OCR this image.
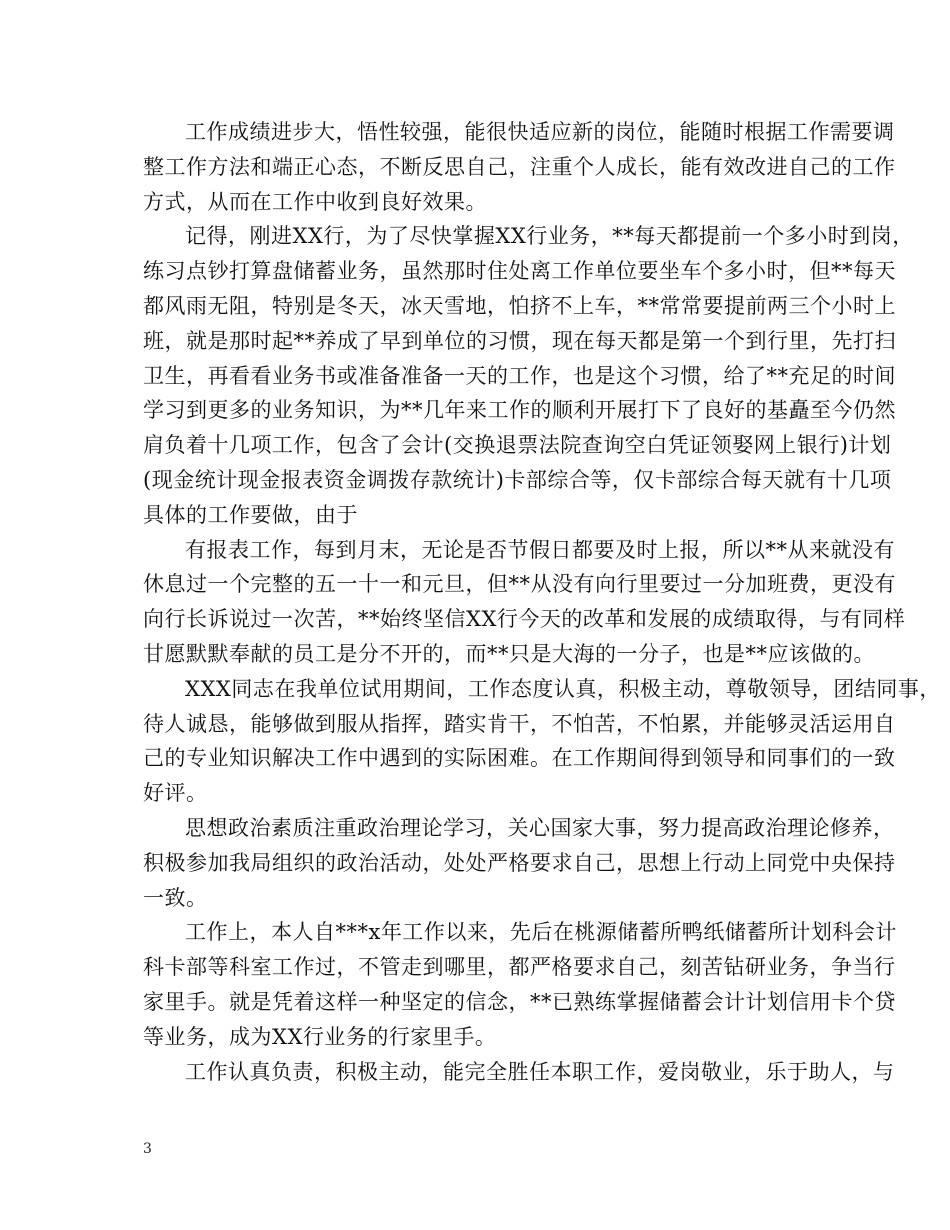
工作成绩进步大，悟性较强，能很快适应新的岗位，能随时根据工作需要调
整工作方法和端正心态，不断反思自己，注重个人成长，能有效改进自己的工作
方式，从而在工作中收到良好效果。

记得，刚进XX行，为了尽快掌握XX行业务，**每天都提前一个多小时到岗，
练习点钞打算盘储蓄业务，虽然那时住处离工作单位要坐车个多小时，但**每天
都风雨无阻，特别是冬天，冰天雪地，怕挤不上车，**常常要提前两三个小时上
班，就是那时起**养成了早到单位的习惯，现在每天都是第一个到行里，先打扫
卫生，再看看业务书或准备准备一天的工作，也是这个习惯，给了**充足的时间
学习到更多的业务知识，为**几年来工作的顺利开展打下了良好的基矗至今仍然
肩负着十几项工作，包含了会计(交换退票法院查询空白凭证领娶网上银行)计划
(现金统计现金报表资金调拨存款统计)卡部综合等，仅卡部综合每天就有十几项
具体的工作要做，由于

有报表工作，每到月末，无论是否节假日都要及时上报，所以**从来就没有
休息过一个完整的五一十一和元旦，但**从没有向行里要过一分加班费，更没有
向行长诉说过一次苦，**始终坚信XX行今天的改革和发展的成绩取得，与有同样
甘愿默默奉献的员工是分不开的，而**只是大海的一分子，也是**应该做的。

XXX同志在我单位试用期间，工作态度认真，积极主动，尊敬领导，团结同事，
待人诚恳，能够做到服从指挥，踏实肯干，不怕苦，不怕累，并能够灵活运用自
己的专业知识解决工作中遇到的实际困难。在工作期间得到领导和同事们的一致
好评。

思想政治素质注重政治理论学习，关心国家大事，努力提高政治理论修养，
积极参加我局组织的政治活动，处处严格要求自己，思想上行动上同党中央保持
一致。

工作上，本人自***x年工作以来，先后在桃源储蓄所鸭纸储蓄所计划科会计
科卡部等科室工作过，不管走到哪里，都严格要求自己，刻苦钻研业务，争当行
家里手。就是凭着这样一种坚定的信念，**已熟练掌握储蓄会计计划信用卡个贷
等业务，成为XX行业务的行家里手。

工作认真负责，积极主动，能完全胜任本职工作，爱岗敬业，乐于助人，与

3
